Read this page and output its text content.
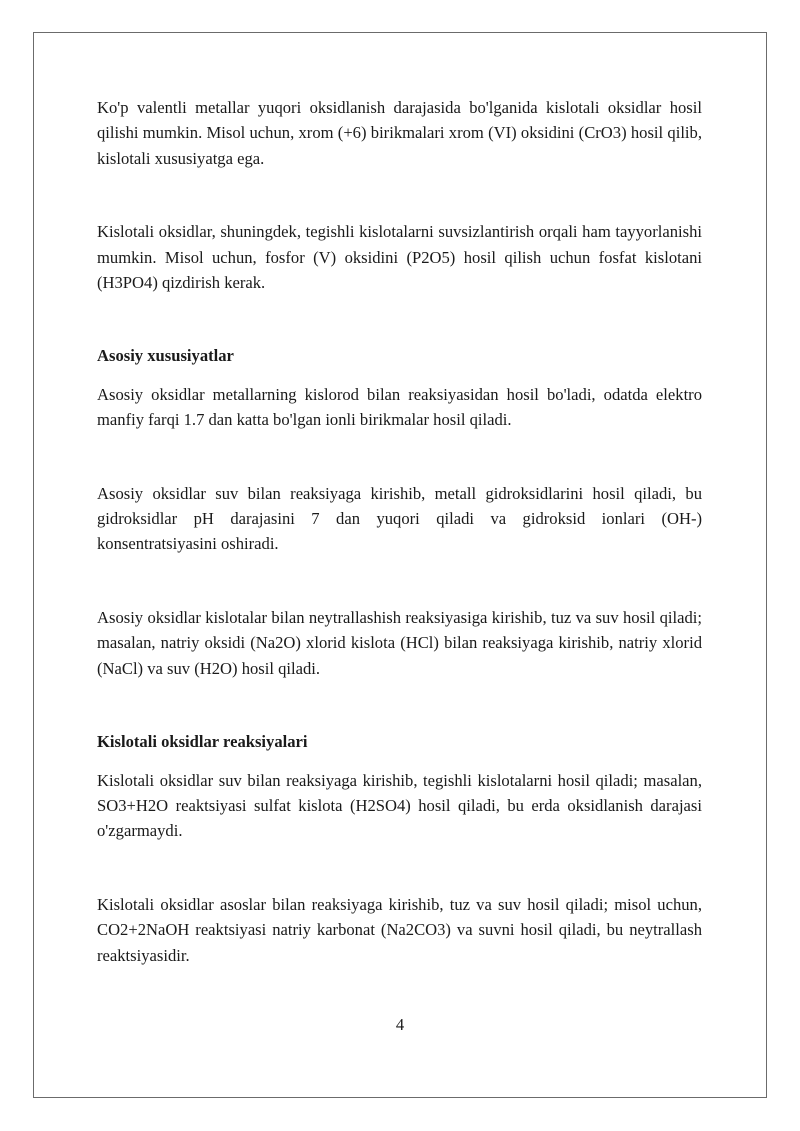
Ko'p valentli metallar yuqori oksidlanish darajasida bo'lganida kislotali oksidlar hosil qilishi mumkin. Misol uchun, xrom (+6) birikmalari xrom (VI) oksidini (CrO3) hosil qilib, kislotali xususiyatga ega.

Kislotali oksidlar, shuningdek, tegishli kislotalarni suvsizlantirish orqali ham tayyorlanishi mumkin. Misol uchun, fosfor (V) oksidini (P2O5) hosil qilish uchun fosfat kislotani (H3PO4) qizdirish kerak.

Asosiy xususiyatlar

Asosiy oksidlar metallarning kislorod bilan reaksiyasidan hosil bo'ladi, odatda elektro manfiy farqi 1.7 dan katta bo'lgan ionli birikmalar hosil qiladi.

Asosiy oksidlar suv bilan reaksiyaga kirishib, metall gidroksidlarini hosil qiladi, bu gidroksidlar pH darajasini 7 dan yuqori qiladi va gidroksid ionlari (OH-) konsentratsiyasini oshiradi.

Asosiy oksidlar kislotalar bilan neytrallashish reaksiyasiga kirishib, tuz va suv hosil qiladi; masalan, natriy oksidi (Na2O) xlorid kislota (HCl) bilan reaksiyaga kirishib, natriy xlorid (NaCl) va suv (H2O) hosil qiladi.

Kislotali oksidlar reaksiyalari

Kislotali oksidlar suv bilan reaksiyaga kirishib, tegishli kislotalarni hosil qiladi; masalan, SO3+H2O reaktsiyasi sulfat kislota (H2SO4) hosil qiladi, bu erda oksidlanish darajasi o'zgarmaydi.

Kislotali oksidlar asoslar bilan reaksiyaga kirishib, tuz va suv hosil qiladi; misol uchun, CO2+2NaOH reaktsiyasi natriy karbonat (Na2CO3) va suvni hosil qiladi, bu neytrallash reaktsiyasidir.

4
